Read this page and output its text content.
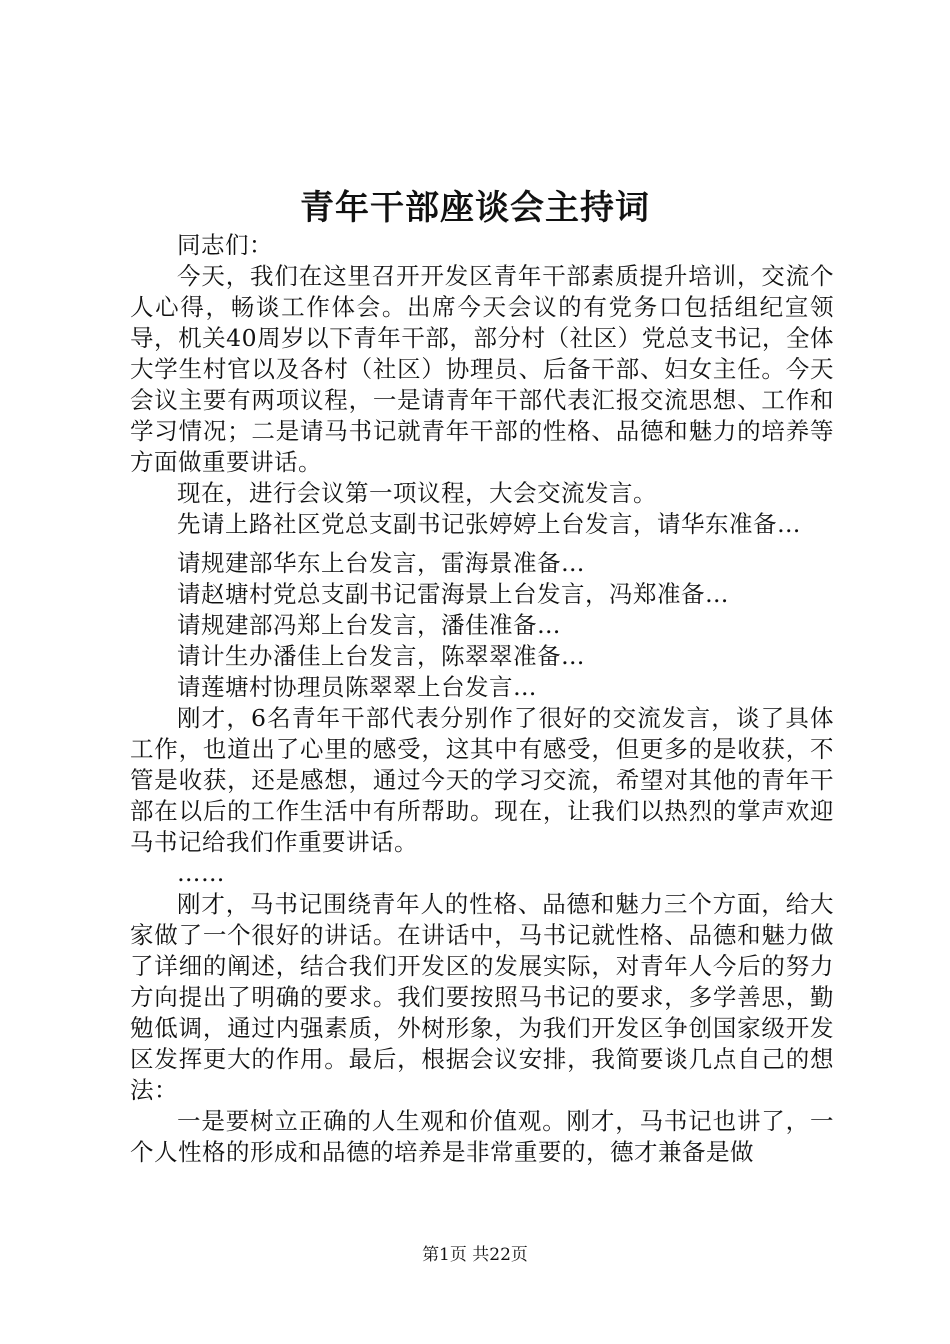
青年干部座谈会主持词

同志们：

今天，我们在这里召开开发区青年干部素质提升培训，交流个人心得，畅谈工作体会。出席今天会议的有党务口包括组纪宣领导，机关40周岁以下青年干部，部分村（社区）党总支书记，全体大学生村官以及各村（社区）协理员、后备干部、妇女主任。今天会议主要有两项议程，一是请青年干部代表汇报交流思想、工作和学习情况；二是请马书记就青年干部的性格、品德和魅力的培养等方面做重要讲话。

现在，进行会议第一项议程，大会交流发言。

先请上路社区党总支副书记张婷婷上台发言，请华东准备…

请规建部华东上台发言，雷海景准备…

请赵塘村党总支副书记雷海景上台发言，冯郑准备…

请规建部冯郑上台发言，潘佳准备…

请计生办潘佳上台发言，陈翠翠准备…

请莲塘村协理员陈翠翠上台发言…

刚才，6名青年干部代表分别作了很好的交流发言，谈了具体工作，也道出了心里的感受，这其中有感受，但更多的是收获，不管是收获，还是感想，通过今天的学习交流，希望对其他的青年干部在以后的工作生活中有所帮助。现在，让我们以热烈的掌声欢迎马书记给我们作重要讲话。

……

刚才，马书记围绕青年人的性格、品德和魅力三个方面，给大家做了一个很好的讲话。在讲话中，马书记就性格、品德和魅力做了详细的阐述，结合我们开发区的发展实际，对青年人今后的努力方向提出了明确的要求。我们要按照马书记的要求，多学善思，勤勉低调，通过内强素质，外树形象，为我们开发区争创国家级开发区发挥更大的作用。最后，根据会议安排，我简要谈几点自己的想法：

一是要树立正确的人生观和价值观。刚才，马书记也讲了，一个人性格的形成和品德的培养是非常重要的，德才兼备是做

第1页 共22页
